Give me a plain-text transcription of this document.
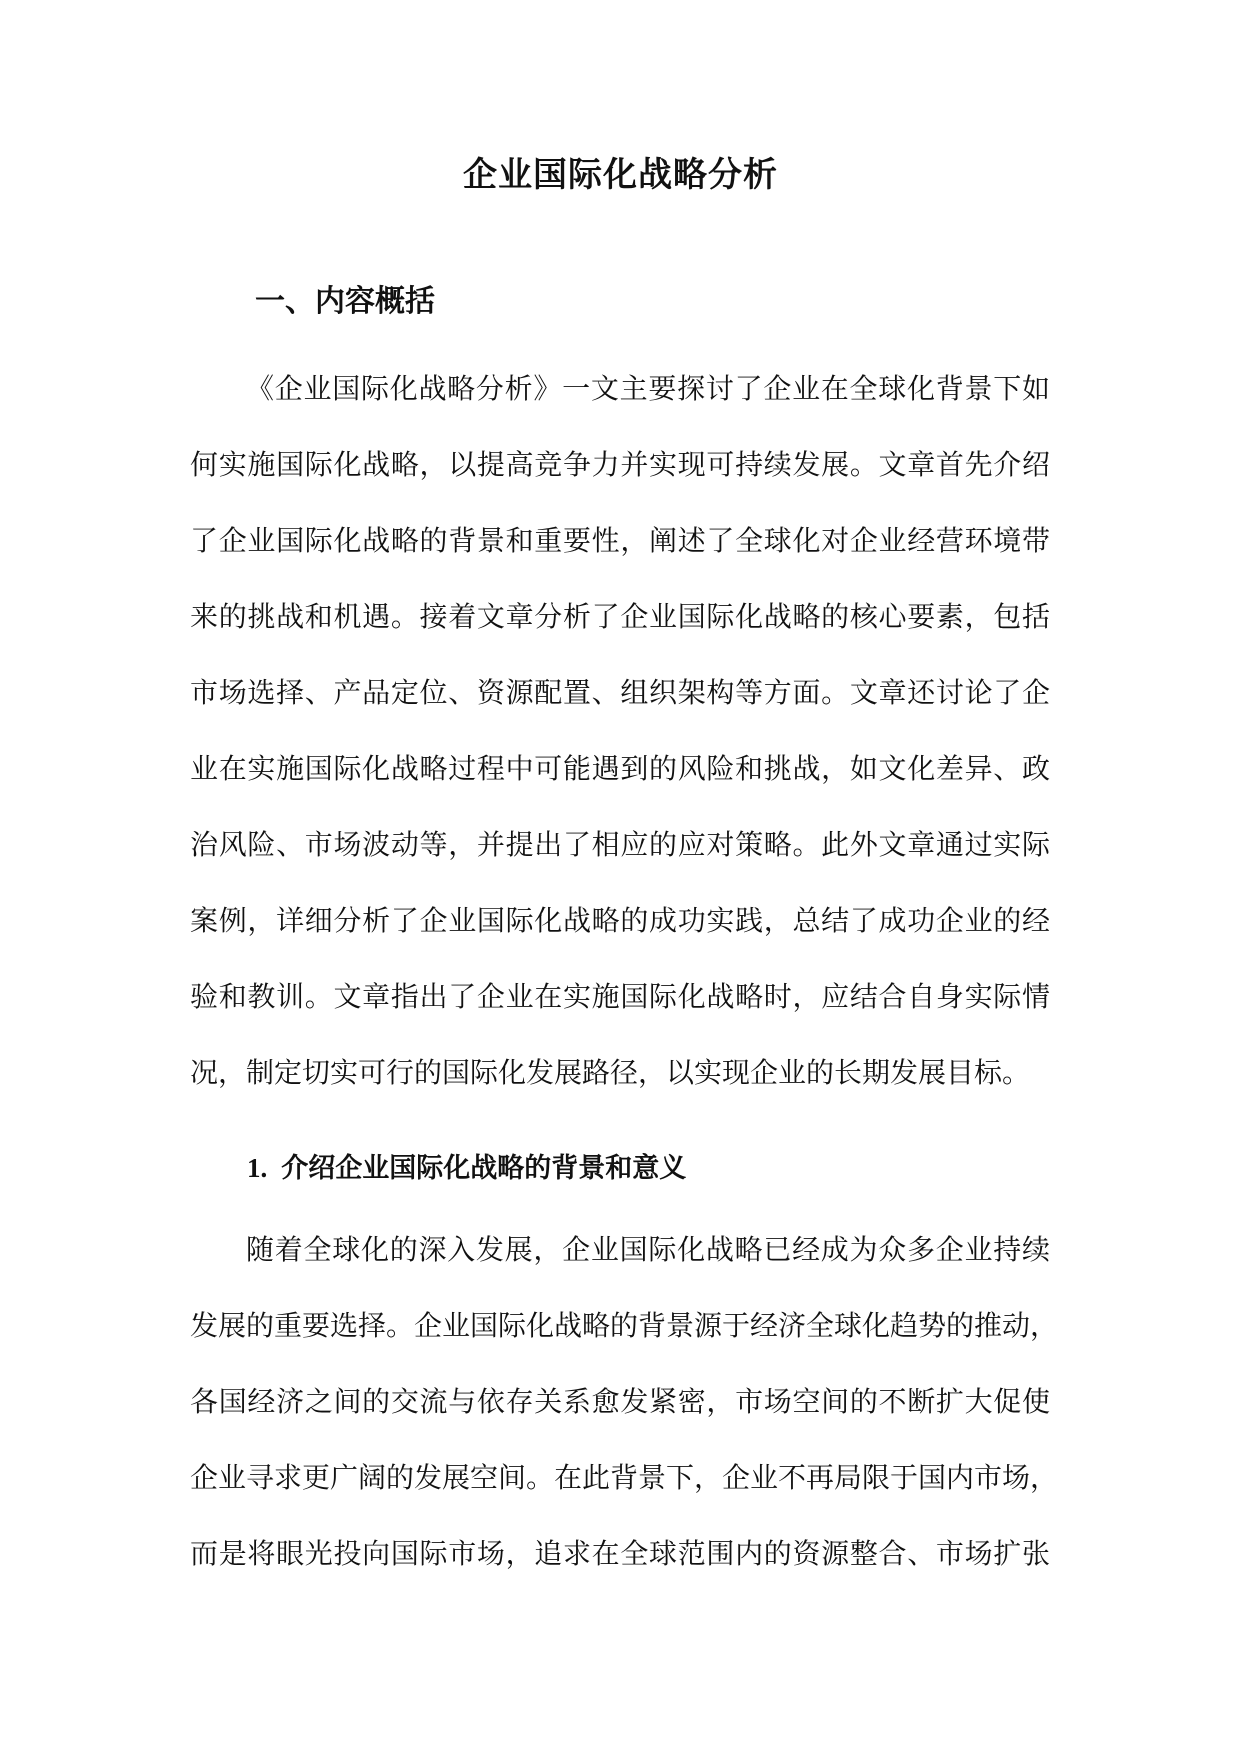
企业国际化战略分析
一、内容概括
《企业国际化战略分析》一文主要探讨了企业在全球化背景下如
何实施国际化战略，以提高竞争力并实现可持续发展。文章首先介绍
了企业国际化战略的背景和重要性，阐述了全球化对企业经营环境带
来的挑战和机遇。接着文章分析了企业国际化战略的核心要素，包括
市场选择、产品定位、资源配置、组织架构等方面。文章还讨论了企
业在实施国际化战略过程中可能遇到的风险和挑战，如文化差异、政
治风险、市场波动等，并提出了相应的应对策略。此外文章通过实际
案例，详细分析了企业国际化战略的成功实践，总结了成功企业的经
验和教训。文章指出了企业在实施国际化战略时，应结合自身实际情
况，制定切实可行的国际化发展路径，以实现企业的长期发展目标。
1. 介绍企业国际化战略的背景和意义
随着全球化的深入发展，企业国际化战略已经成为众多企业持续
发展的重要选择。企业国际化战略的背景源于经济全球化趋势的推动，
各国经济之间的交流与依存关系愈发紧密，市场空间的不断扩大促使
企业寻求更广阔的发展空间。在此背景下，企业不再局限于国内市场，
而是将眼光投向国际市场，追求在全球范围内的资源整合、市场扩张
